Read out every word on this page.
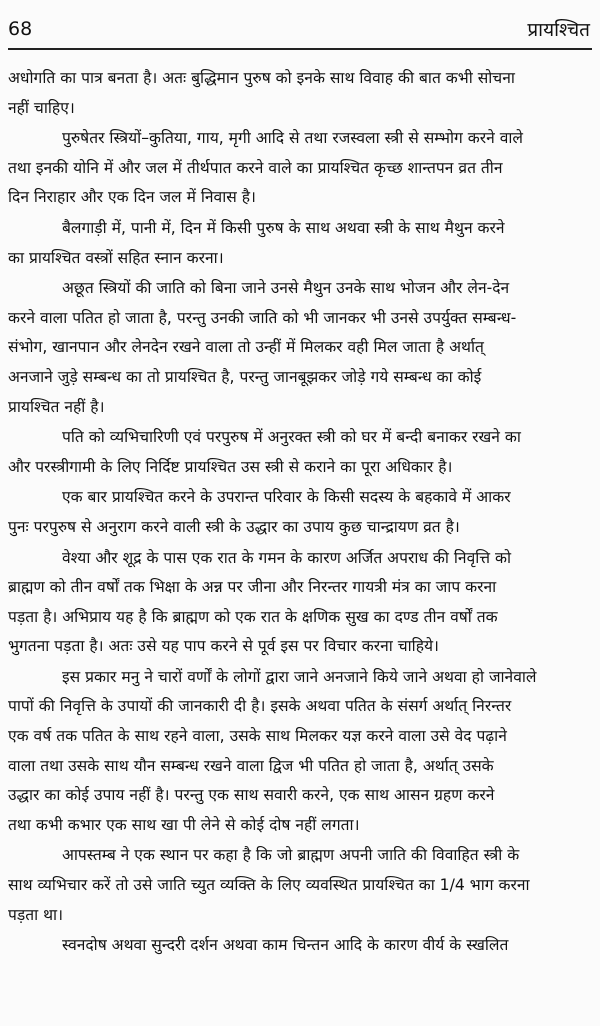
68	प्रायश्चित
अधोगति का पात्र बनता है। अतः बुद्धिमान पुरुष को इनके साथ विवाह की बात कभी सोचना
नहीं चाहिए।
पुरुषेतर स्त्रियों–कुतिया, गाय, मृगी आदि से तथा रजस्वला स्त्री से सम्भोग करने वाले
तथा इनकी योनि में और जल में तीर्थपात करने वाले का प्रायश्चित कृच्छ शान्तपन व्रत तीन
दिन निराहार और एक दिन जल में निवास है।
बैलगाड़ी में, पानी में, दिन में किसी पुरुष के साथ अथवा स्त्री के साथ मैथुन करने
का प्रायश्चित वस्त्रों सहित स्नान करना।
अछूत स्त्रियों की जाति को बिना जाने उनसे मैथुन उनके साथ भोजन और लेन-देन
करने वाला पतित हो जाता है, परन्तु उनकी जाति को भी जानकर भी उनसे उपर्युक्त सम्बन्ध-
संभोग, खानपान और लेनदेन रखने वाला तो उन्हीं में मिलकर वही मिल जाता है अर्थात्
अनजाने जुड़े सम्बन्ध का तो प्रायश्चित है, परन्तु जानबूझकर जोड़े गये सम्बन्ध का कोई
प्रायश्चित नहीं है।
पति को व्यभिचारिणी एवं परपुरुष में अनुरक्त स्त्री को घर में बन्दी बनाकर रखने का
और परस्त्रीगामी के लिए निर्दिष्ट प्रायश्चित उस स्त्री से कराने का पूरा अधिकार है।
एक बार प्रायश्चित करने के उपरान्त परिवार के किसी सदस्य के बहकावे में आकर
पुनः परपुरुष से अनुराग करने वाली स्त्री के उद्धार का उपाय कुछ चान्द्रायण व्रत है।
वेश्या और शूद्र के पास एक रात के गमन के कारण अर्जित अपराध की निवृत्ति को
ब्राह्मण को तीन वर्षों तक भिक्षा के अन्न पर जीना और निरन्तर गायत्री मंत्र का जाप करना
पड़ता है। अभिप्राय यह है कि ब्राह्मण को एक रात के क्षणिक सुख का दण्ड तीन वर्षों तक
भुगतना पड़ता है। अतः उसे यह पाप करने से पूर्व इस पर विचार करना चाहिये।
इस प्रकार मनु ने चारों वर्णों के लोगों द्वारा जाने अनजाने किये जाने अथवा हो जानेवाले
पापों की निवृत्ति के उपायों की जानकारी दी है। इसके अथवा पतित के संसर्ग अर्थात् निरन्तर
एक वर्ष तक पतित के साथ रहने वाला, उसके साथ मिलकर यज्ञ करने वाला उसे वेद पढ़ाने
वाला तथा उसके साथ यौन सम्बन्ध रखने वाला द्विज भी पतित हो जाता है, अर्थात् उसके
उद्धार का कोई उपाय नहीं है। परन्तु एक साथ सवारी करने, एक साथ आसन ग्रहण करने
तथा कभी कभार एक साथ खा पी लेने से कोई दोष नहीं लगता।
आपस्तम्ब ने एक स्थान पर कहा है कि जो ब्राह्मण अपनी जाति की विवाहित स्त्री के
साथ व्यभिचार करें तो उसे जाति च्युत व्यक्ति के लिए व्यवस्थित प्रायश्चित का 1/4 भाग करना
पड़ता था।
स्वनदोष अथवा सुन्दरी दर्शन अथवा काम चिन्तन आदि के कारण वीर्य के स्खलित
